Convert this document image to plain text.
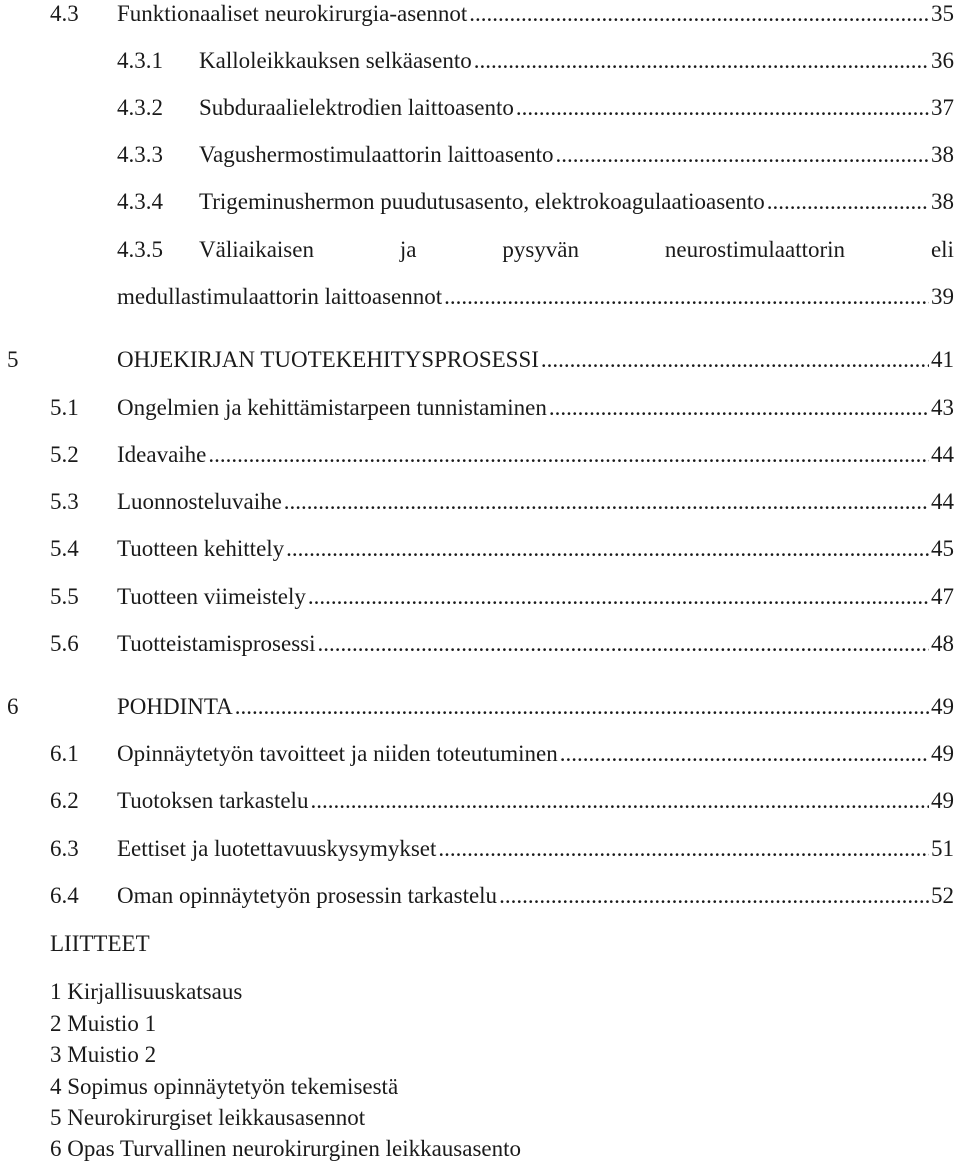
4.3	Funktionaaliset neurokirurgia-asennot .....	35
4.3.1	Kalloleikkauksen selkäasento .....	36
4.3.2	Subduraalielektrodien laittoasento .....	37
4.3.3	Vagushermostimulaattorin laittoasento .....	38
4.3.4	Trigeminushermon puudutusasento, elektrokoagulaatioasento .....	38
4.3.5	Väliaikaisen	ja	pysyvän	neurostimulaattorin	eli
medullastimulaattorin laittoasennot .....	39
5	OHJEKIRJAN TUOTEKEHITYSPROSESSI .....	41
5.1	Ongelmien ja kehittämistarpeen tunnistaminen .....	43
5.2	Ideavaihe .....	44
5.3	Luonnosteluvaihe .....	44
5.4	Tuotteen kehittely .....	45
5.5	Tuotteen viimeistely .....	47
5.6	Tuotteistamisprosessi .....	48
6	POHDINTA .....	49
6.1	Opinnäytetyön tavoitteet ja niiden toteutuminen .....	49
6.2	Tuotoksen tarkastelu .....	49
6.3	Eettiset ja luotettavuuskysymykset .....	51
6.4	Oman opinnäytetyön prosessin tarkastelu .....	52
LIITTEET
1 Kirjallisuuskatsaus
2 Muistio 1
3 Muistio 2
4 Sopimus opinnäytetyön tekemisestä
5 Neurokirurgiset leikkausasennot
6 Opas Turvallinen neurokirurginen leikkausasento
